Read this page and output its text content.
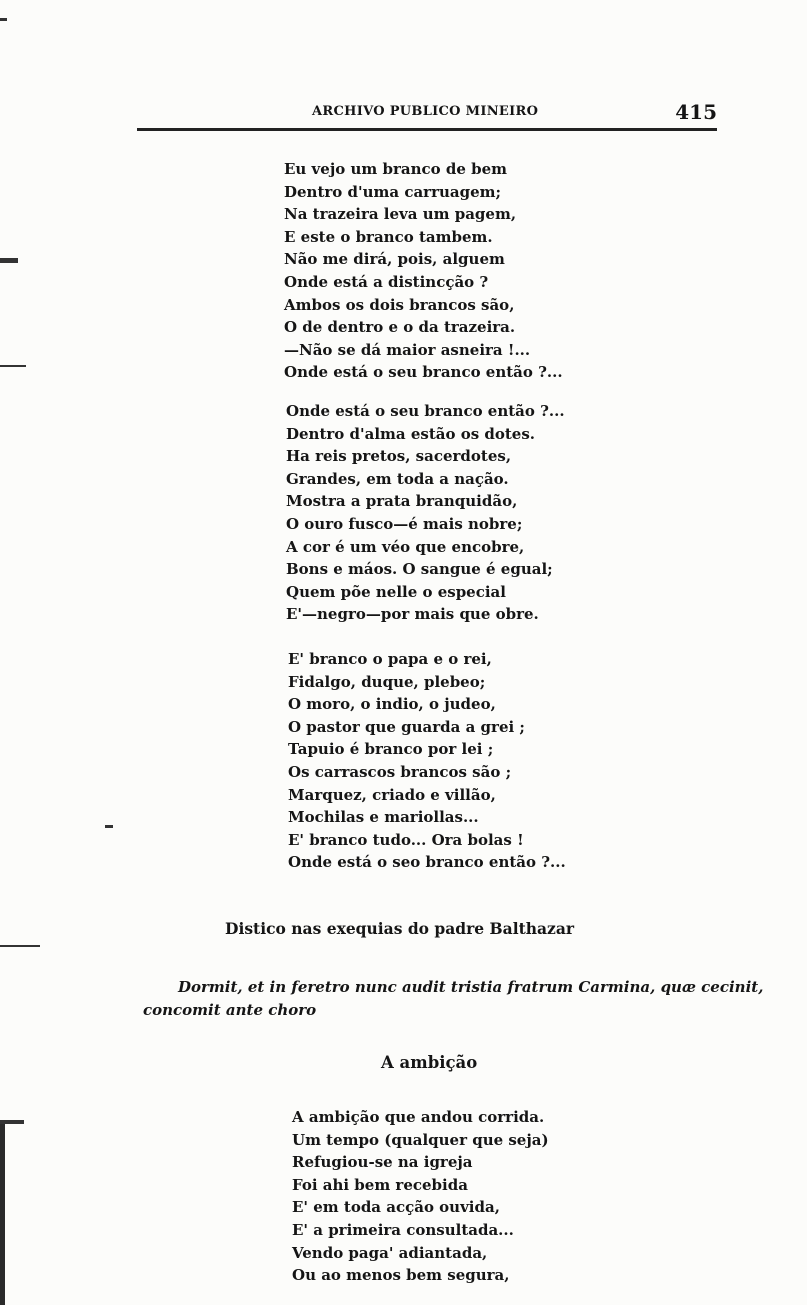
ARCHIVO PUBLICO MINEIRO	415
Eu vejo um branco de bem
Dentro d'uma carruagem;
Na trazeira leva um pagem,
E este o branco tambem.
Não me dirá, pois, alguem
Onde está a distincção ?
Ambos os dois brancos são,
O de dentro e o da trazeira.
—Não se dá maior asneira !...
Onde está o seu branco então ?...
Onde está o seu branco então ?...
Dentro d'alma estão os dotes.
Ha reis pretos, sacerdotes,
Grandes, em toda a nação.
Mostra a prata branquidão,
O ouro fusco—é mais nobre;
A cor é um véo que encobre,
Bons e máos. O sangue é egual;
Quem põe nelle o especial
E'—negro—por mais que obre.
E' branco o papa e o rei,
Fidalgo, duque, plebeo;
O moro, o indio, o judeo,
O pastor que guarda a grei ;
Tapuio é branco por lei ;
Os carrascos brancos são ;
Marquez, criado e villão,
Mochilas e mariollas...
E' branco tudo... Ora bolas !
Onde está o seo branco então ?...
Distico nas exequias do padre Balthazar
Dormit, et in feretro nunc audit tristia fratrum Carmina, quæ cecinit,
concomit ante choro
A ambição
A ambição que andou corrida.
Um tempo (qualquer que seja)
Refugiou-se na igreja
Foi ahi bem recebida
E' em toda acção ouvida,
E' a primeira consultada...
Vendo paga' adiantada,
Ou ao menos bem segura,
